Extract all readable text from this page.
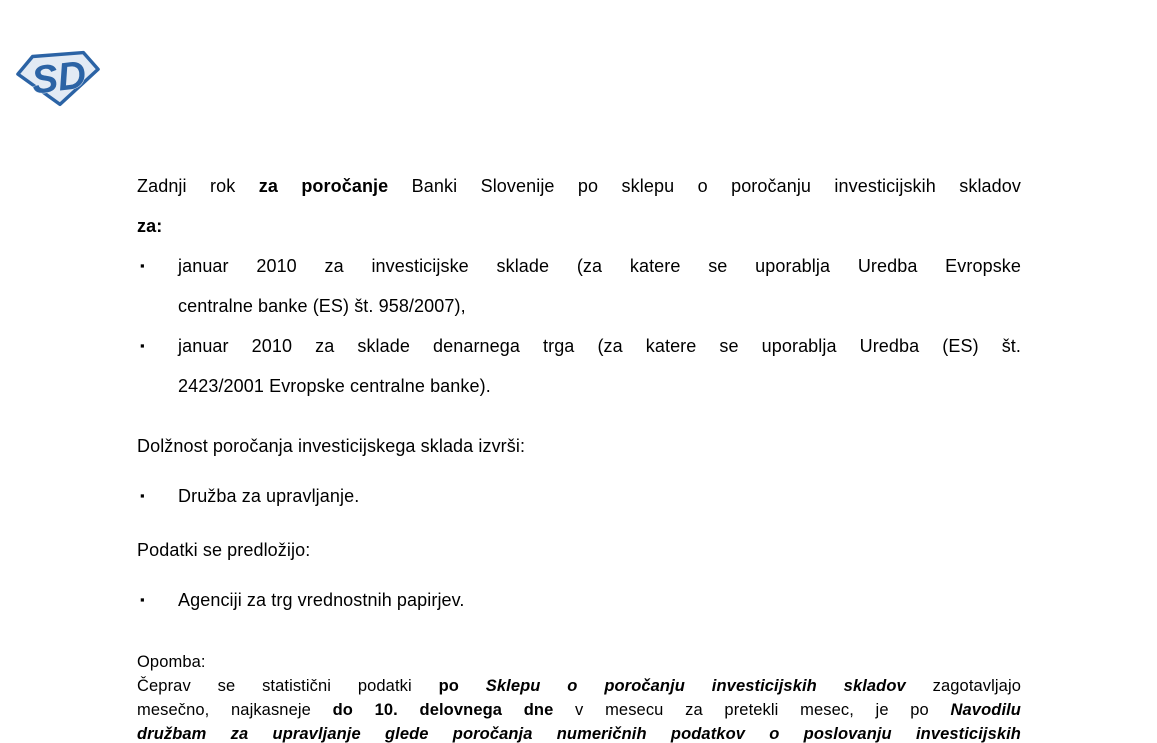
SD
Zadnji rok za poročanje Banki Slovenije po sklepu o poročanju investicijskih skladov
za:
▪ januar 2010 za investicijske sklade (za katere se uporablja Uredba Evropske
centralne banke (ES) št. 958/2007),
▪ januar 2010 za sklade denarnega trga (za katere se uporablja Uredba (ES) št.
2423/2001 Evropske centralne banke).
Dolžnost poročanja investicijskega sklada izvrši:
▪ Družba za upravljanje.
Podatki se predložijo:
▪ Agenciji za trg vrednostnih papirjev.
Opomba:
Čeprav se statistični podatki po Sklepu o poročanju investicijskih skladov zagotavljajo
mesečno, najkasneje do 10. delovnega dne v mesecu za pretekli mesec, je po Navodilu
družbam za upravljanje glede poročanja numeričnih podatkov o poslovanju investicijskih
